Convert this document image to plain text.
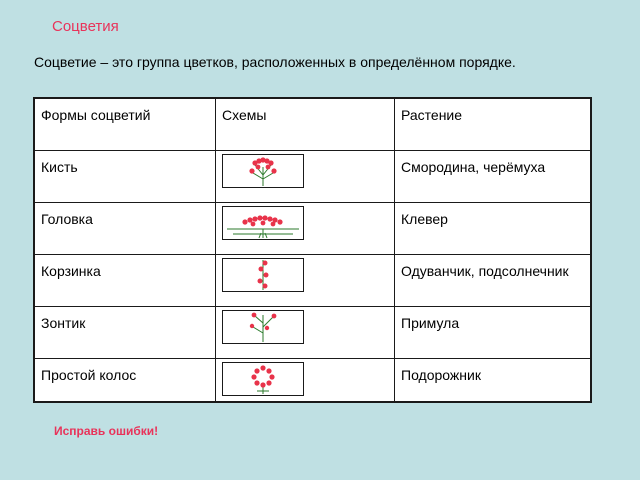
Соцветия
Соцветие – это группа цветков, расположенных в определённом порядке.
Формы соцветий	Схемы	Растение

Кисть		Смородина, черёмуха

Головка		Клевер

Корзинка		Одуванчик, подсолнечник

Зонтик		Примула

Простой колос		Подорожник
Исправь ошибки!
